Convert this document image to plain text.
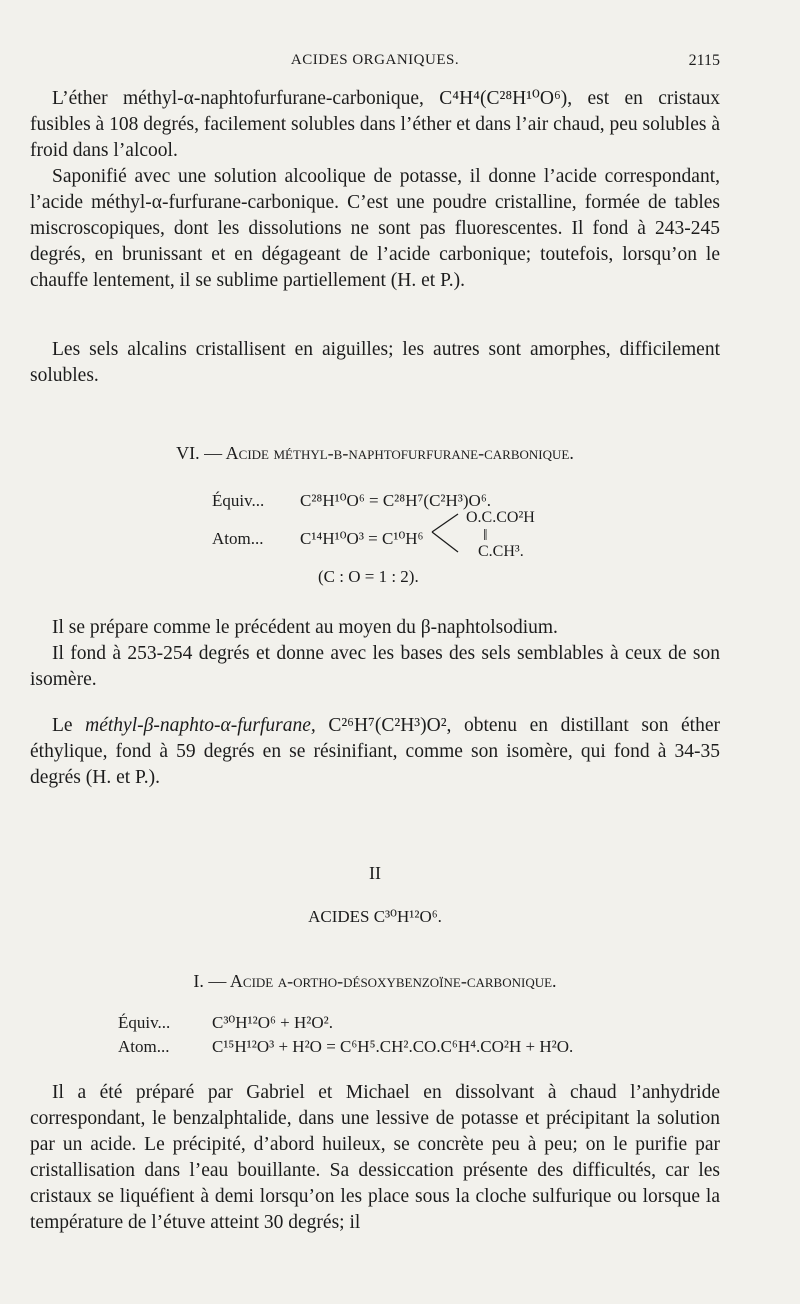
ACIDES ORGANIQUES.	2115

L’éther méthyl-α-naphtofurfurane-carbonique, C⁴H⁴(C²⁸H¹⁰O⁶), est en cristaux fusibles à 108 degrés, facilement solubles dans l’éther et dans l’air chaud, peu solubles à froid dans l’alcool.

Saponifié avec une solution alcoolique de potasse, il donne l’acide correspondant, l’acide méthyl-α-furfurane-carbonique. C’est une poudre cristalline, formée de tables miscroscopiques, dont les dissolutions ne sont pas fluorescentes. Il fond à 243-245 degrés, en brunissant et en dégageant de l’acide carbonique; toutefois, lorsqu’on le chauffe lentement, il se sublime partiellement (H. et P.).

Les sels alcalins cristallisent en aiguilles; les autres sont amorphes, difficilement solubles.

VI. — Acide méthyl-β-naphtofurfurane-carbonique.
Équiv... C²⁸H¹⁰O⁶ = C²⁸H⁷(C²H³)O⁶.
Atom... C¹⁴H¹⁰O³ = C¹⁰H⁶
O.C.CO²H
‖
C.CH³.
(C : O = 1 : 2).

Il se prépare comme le précédent au moyen du β-naphtolsodium.

Il fond à 253-254 degrés et donne avec les bases des sels semblables à ceux de son isomère.

Le méthyl-β-naphto-α-furfurane, C²⁶H⁷(C²H³)O², obtenu en distillant son éther éthylique, fond à 59 degrés en se résinifiant, comme son isomère, qui fond à 34-35 degrés (H. et P.).

II
ACIDES C³⁰H¹²O⁶.
I. — Acide α-ortho-désoxybenzoïne-carbonique.
Équiv... C³⁰H¹²O⁶ + H²O².
Atom...	C¹⁵H¹²O³ + H²O = C⁶H⁵.CH².CO.C⁶H⁴.CO²H + H²O.

Il a été préparé par Gabriel et Michael en dissolvant à chaud l’anhydride correspondant, le benzalphtalide, dans une lessive de potasse et précipitant la solution par un acide. Le précipité, d’abord huileux, se concrète peu à peu; on le purifie par cristallisation dans l’eau bouillante. Sa dessiccation présente des difficultés, car les cristaux se liquéfient à demi lorsqu’on les place sous la cloche sulfurique ou lorsque la température de l’étuve atteint 30 degrés; il
